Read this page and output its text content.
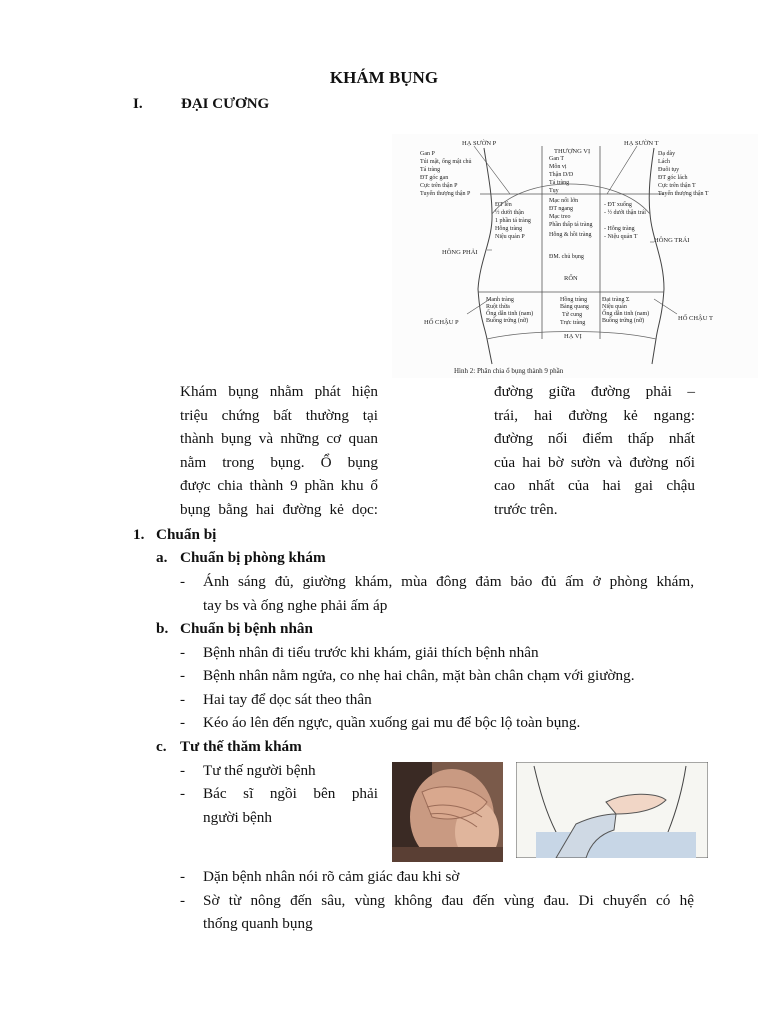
KHÁM BỤNG
I.	ĐẠI CƯƠNG
HẠ SƯỜN P
THƯỢNG VỊ
HẠ SƯỜN T
HÔNG PHẢI
HÔNG TRÁI
RỐN
HỐ CHẬU P
HỐ CHẬU T
HẠ VỊ
Gan P
Túi mật, ống mật chủ
Tá tràng
ĐT góc gan
Cực trên thận P
Tuyến thượng thận P
Gan T
Môn vị
Thận D/D
Tá tràng
Tụy
Dạ dày
Lách
Đuôi tụy
ĐT góc lách
Cực trên thận T
Tuyến thượng thận T
ĐT lên
½ dưới thận
1 phần tá tràng
Hỗng tràng
Niệu quản P
Mạc nối lớn
ĐT ngang
Mạc treo
Phần thấp tá tràng
Hỗng & hồi tràng
ĐM. chủ bụng
- ĐT xuống
- ½ dưới thận trái
- Hỗng tràng
- Niệu quản T
Manh tràng
Ruột thừa
Ống dẫn tinh (nam)
Buồng trứng (nữ)
Hồng tràng
Bàng quang
Tử cung
Trực tràng
Đại tràng Σ
Niệu quản
Ống dẫn tinh (nam)
Buồng trứng (nữ)
Hình 2: Phân chia ổ bụng thành 9 phần
Khám bụng nhằm phát hiện
triệu chứng bất thường tại
thành bụng và những cơ quan
nằm trong bụng. Ổ bụng
được chia thành 9 phần khu ổ
bụng bằng hai đường kẻ dọc:
đường giữa đường phải –
trái, hai đường kẻ ngang:
đường nối điểm thấp nhất
của hai bờ sườn và đường nối
cao nhất của hai gai chậu
trước trên.
1. Chuẩn bị
a. Chuẩn bị phòng khám
- Ánh sáng đủ, giường khám, mùa đông đảm bảo đủ ấm ở phòng khám,
tay bs và ống nghe phải ấm áp
b. Chuẩn bị bệnh nhân
- Bệnh nhân đi tiểu trước khi khám, giải thích bệnh nhân
- Bệnh nhân nằm ngửa, co nhẹ hai chân, mặt bàn chân chạm với giường.
- Hai tay để dọc sát theo thân
- Kéo áo lên đến ngực, quần xuống gai mu để bộc lộ toàn bụng.
c. Tư thế thăm khám
- Tư thế người bệnh
- Bác sĩ ngồi bên phải
người bệnh
- Dặn bệnh nhân nói rõ cảm giác đau khi sờ
- Sờ từ nông đến sâu, vùng không đau đến vùng đau. Di chuyển có hệ
thống quanh bụng
